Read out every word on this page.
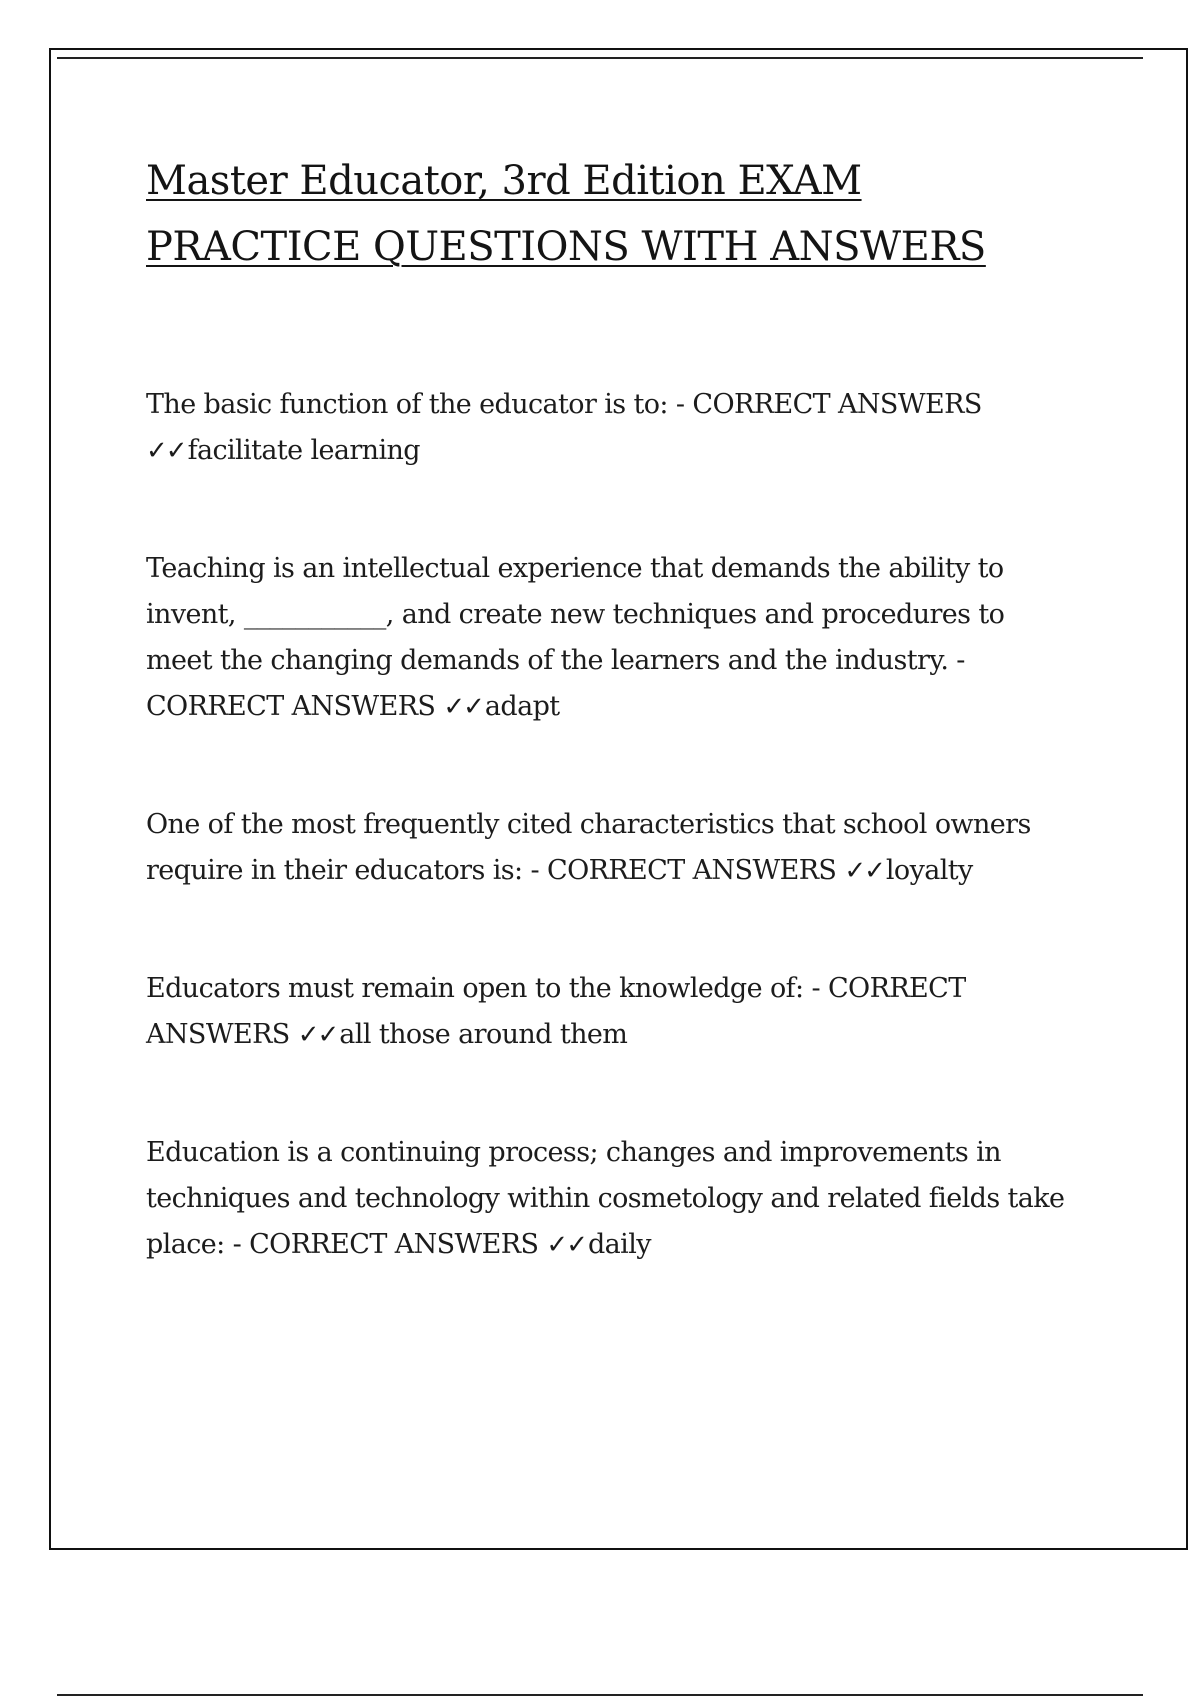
Master Educator, 3rd Edition EXAM PRACTICE QUESTIONS WITH ANSWERS

The basic function of the educator is to: - CORRECT ANSWERS ✓✓facilitate learning

Teaching is an intellectual experience that demands the ability to invent, ___________, and create new techniques and procedures to meet the changing demands of the learners and the industry. - CORRECT ANSWERS ✓✓adapt

One of the most frequently cited characteristics that school owners require in their educators is: - CORRECT ANSWERS ✓✓loyalty

Educators must remain open to the knowledge of: - CORRECT ANSWERS ✓✓all those around them

Education is a continuing process; changes and improvements in techniques and technology within cosmetology and related fields take place: - CORRECT ANSWERS ✓✓daily
